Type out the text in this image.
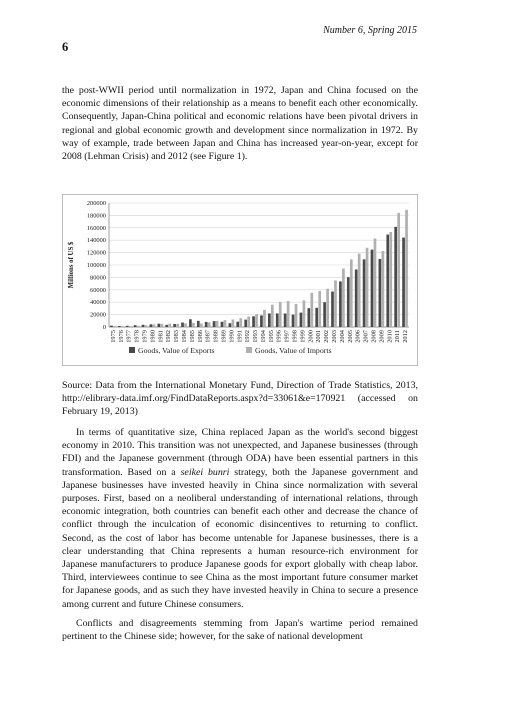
6
Number 6, Spring 2015

the post-WWII period until normalization in 1972, Japan and China focused on the economic dimensions of their relationship as a means to benefit each other economically. Consequently, Japan-China political and economic relations have been pivotal drivers in regional and global economic growth and development since normalization in 1972. By way of example, trade between Japan and China has increased year-on-year, except for 2008 (Lehman Crisis) and 2012 (see Figure 1).

0
20000
40000
60000
80000
100000
120000
140000
160000
180000
200000
Millions of US $
1975 1976 1977 1978 1979 1980 1981 1982 1983 1984 1985 1986 1987 1988 1989 1990 1991 1992 1993 1994 1995 1996 1997 1998 1999 2000 2001 2002 2003 2004 2005 2006 2007 2008 2009 2010 2011 2012
Goods, Value of Exports	Goods, Value of Imports

Source: Data from the International Monetary Fund, Direction of Trade Statistics, 2013, http://elibrary-data.imf.org/FindDataReports.aspx?d=33061&e=170921 (accessed on February 19, 2013)

In terms of quantitative size, China replaced Japan as the world's second biggest economy in 2010. This transition was not unexpected, and Japanese businesses (through FDI) and the Japanese government (through ODA) have been essential partners in this transformation. Based on a seikei bunri strategy, both the Japanese government and Japanese businesses have invested heavily in China since normalization with several purposes. First, based on a neoliberal understanding of international relations, through economic integration, both countries can benefit each other and decrease the chance of conflict through the inculcation of economic disincentives to returning to conflict. Second, as the cost of labor has become untenable for Japanese businesses, there is a clear understanding that China represents a human resource-rich environment for Japanese manufacturers to produce Japanese goods for export globally with cheap labor. Third, interviewees continue to see China as the most important future consumer market for Japanese goods, and as such they have invested heavily in China to secure a presence among current and future Chinese consumers.

Conflicts and disagreements stemming from Japan's wartime period remained pertinent to the Chinese side; however, for the sake of national development
